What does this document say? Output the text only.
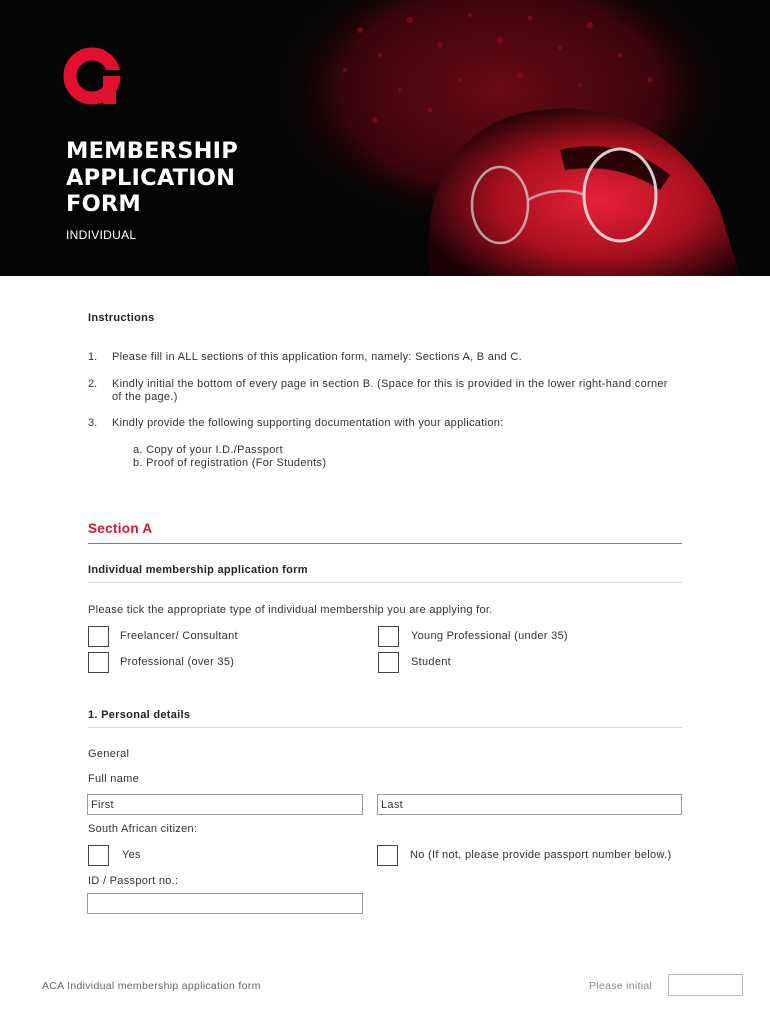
MEMBERSHIP
APPLICATION
FORM
INDIVIDUAL
Instructions
1. Please fill in ALL sections of this application form, namely: Sections A, B and C.
2. Kindly initial the bottom of every page in section B. (Space for this is provided in the lower right-hand corner
of the page.)
3. Kindly provide the following supporting documentation with your application:
a. Copy of your I.D./Passport
b. Proof of registration (For Students)
Section A
Individual membership application form
Please tick the appropriate type of individual membership you are applying for.
Freelancer/ Consultant	Young Professional (under 35)
Professional (over 35)	Student
1. Personal details
General
Full name
First
Last
South African citizen:
Yes	No (If not, please provide passport number below.)
ID / Passport no.:
ACA Individual membership application form	Please initial
